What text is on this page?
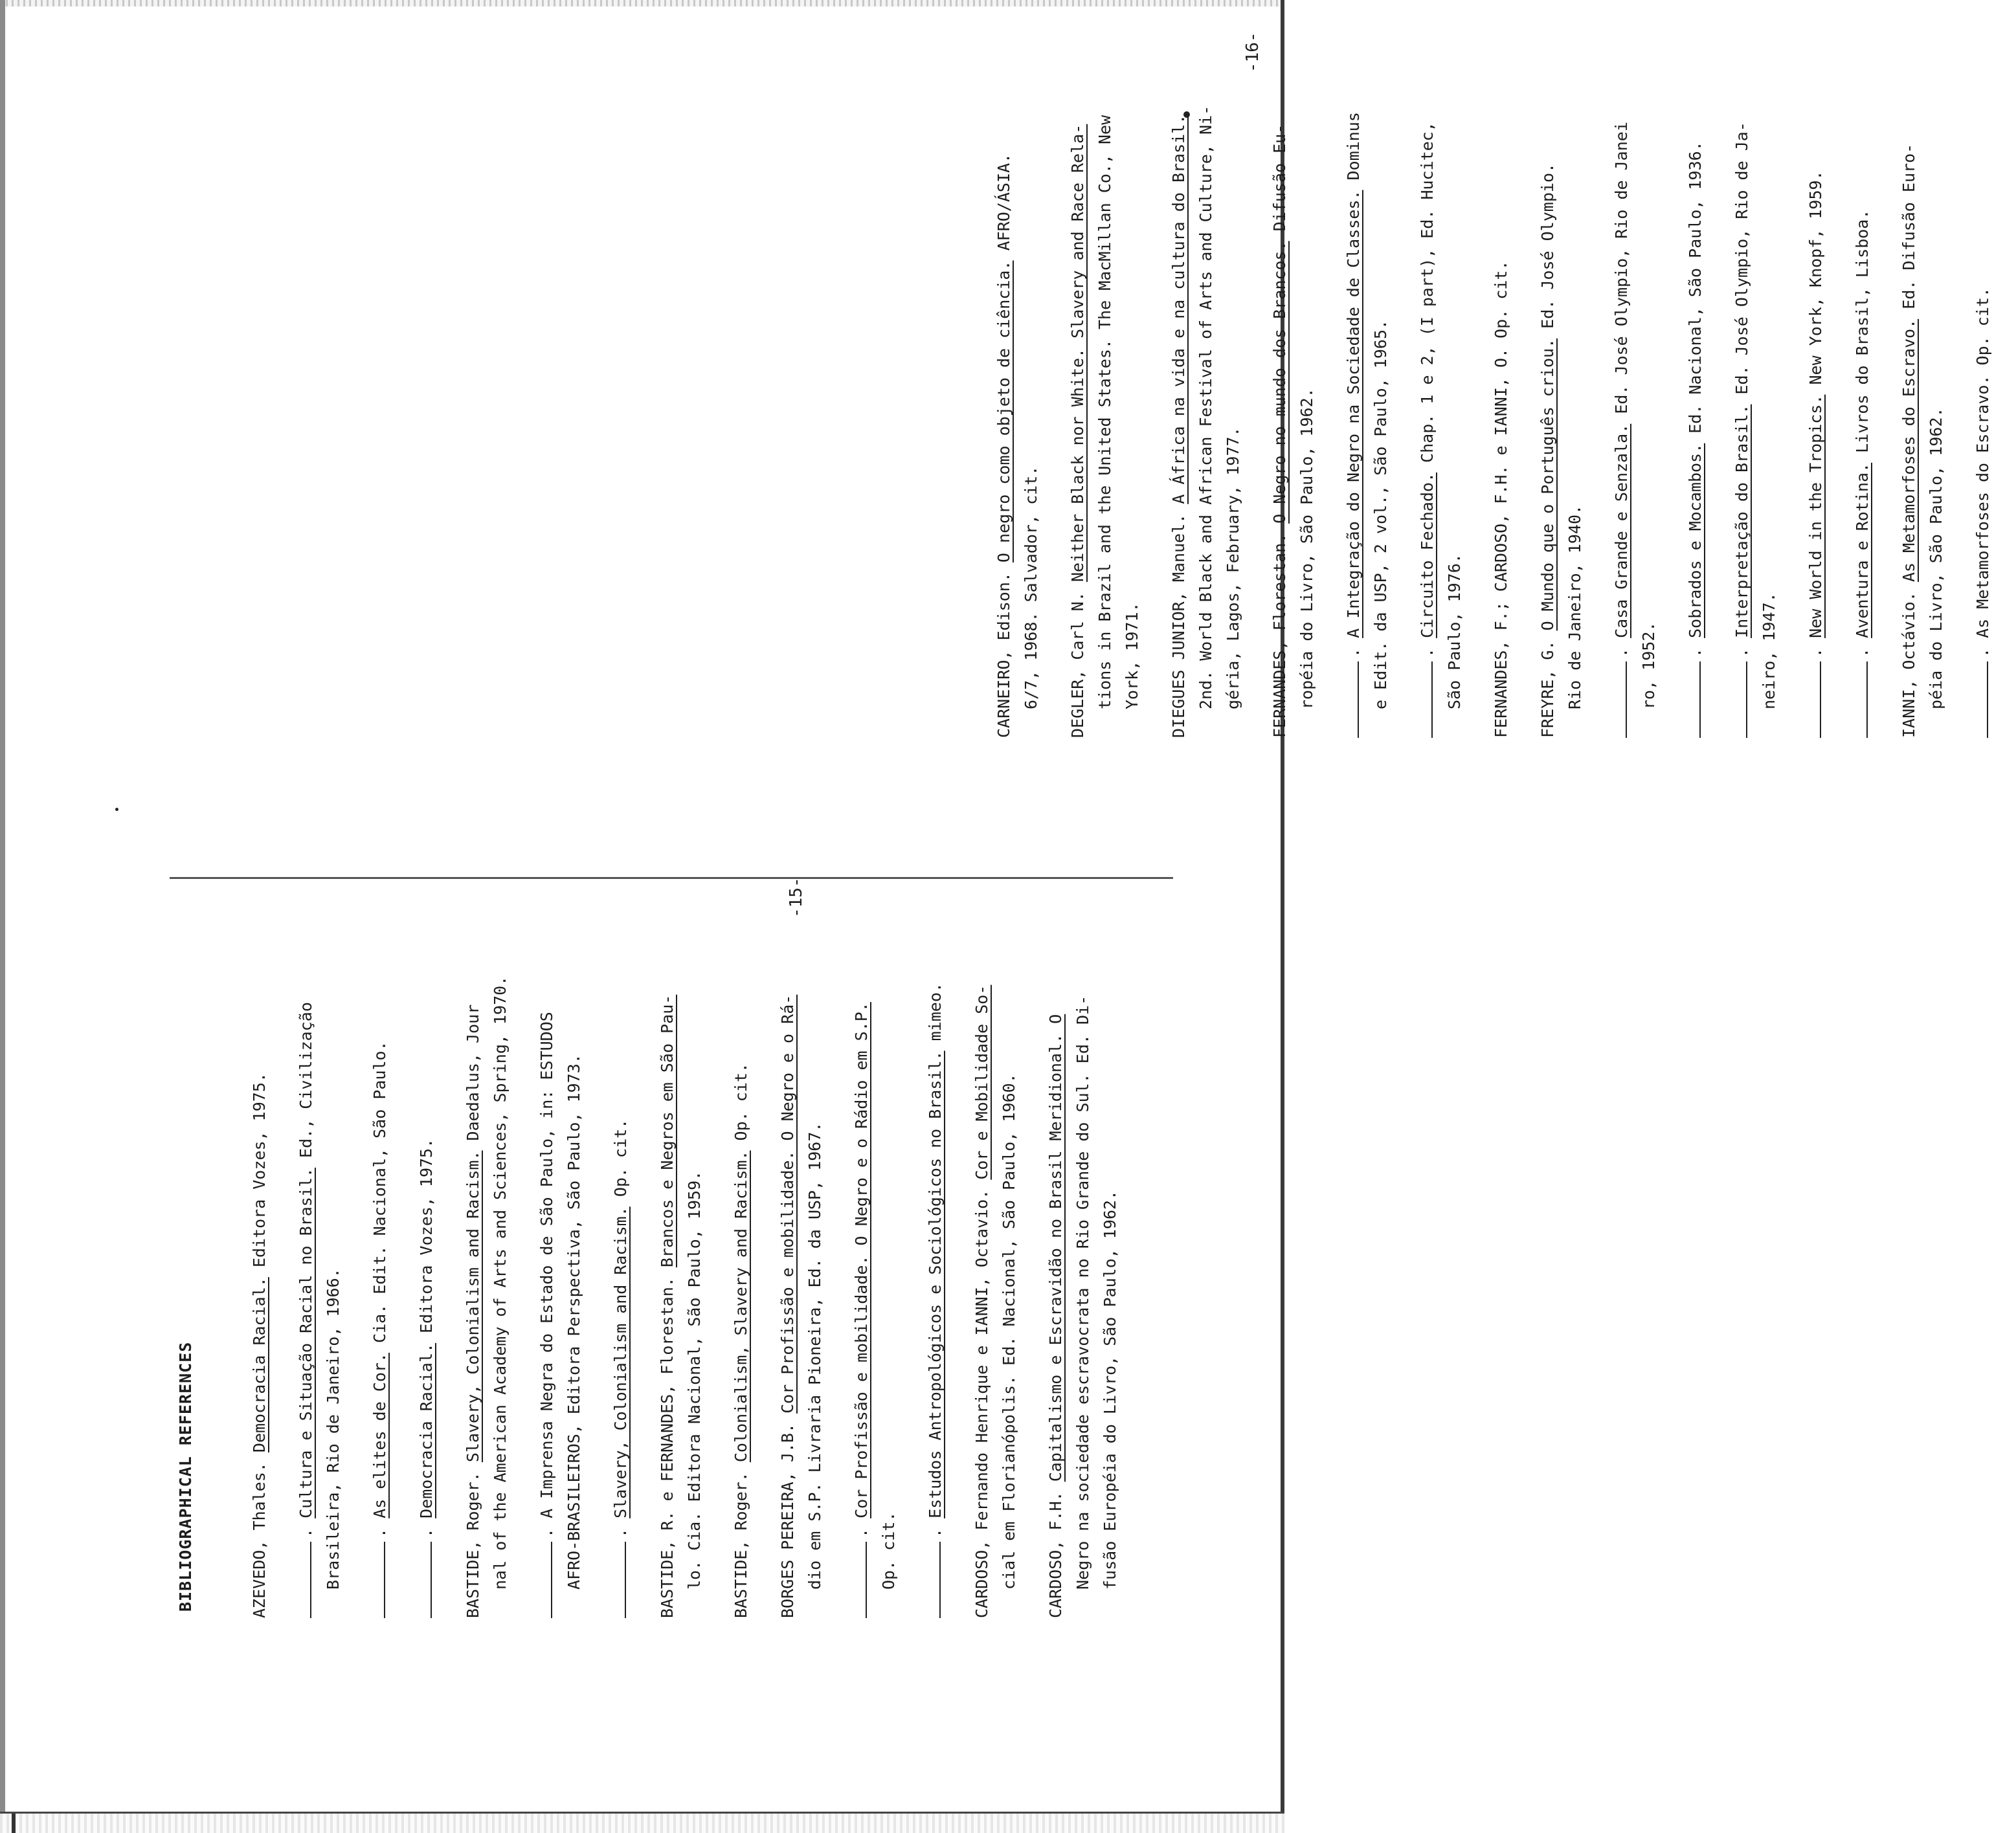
-15-
-16-
BIBLIOGRAPHICAL REFERENCES	AZEVEDO, Thales. Democracia Racial. Editora Vozes, 1975.
. Cultura e Situação Racial no Brasil. Ed., Civilização
Brasileira, Rio de Janeiro, 1966. . As elites de Cor. Cia. Edit. Nacional, São Paulo.
. Democracia Racial. Editora Vozes, 1975.
BASTIDE, Roger. Slavery, Colonialism and Racism. Daedalus, Jour nal of the American Academy of Arts and Sciences, Spring, 1970. . A Imprensa Negra do Estado de São Paulo, in: ESTUDOS AFRO-BRASILEIROS, Editora Perspectiva, São Paulo, 1973. . Slavery, Colonialism and Racism. Op. cit.
BASTIDE, R. e FERNANDES, Florestan. Brancos e Negros em São Pau-
lo. Cia. Editora Nacional, São Paulo, 1959. BASTIDE, Roger. Colonialism, Slavery and Racism. Op. cit.
BORGES PEREIRA, J.B. Cor Profissão e mobilidade. O Negro e o Rá- dio em S.P. Livraria Pioneira, Ed. da USP, 1967. . Cor Profissão e mobilidade. O Negro e o Rádio em S.P.
Op. cit. . Estudos Antropológicos e Sociológicos no Brasil. mimeo.
CARDOSO, Fernando Henrique e IANNI, Octavio. Cor e Mobilidade So- cial em Florianópolis. Ed. Nacional, São Paulo, 1960. CARDOSO, F.H. Capitalismo e Escravidão no Brasil Meridional. O Negro na sociedade escravocrata no Rio Grande do Sul. Ed. Di- fusão Européia do Livro, São Paulo, 1962.
CARNEIRO, Edison. O negro como objeto de ciência. AFRO/ÁSIA.
6/7, 1968. Salvador, cit. DEGLER, Carl N. Neither Black nor White. Slavery and Race Rela- tions in Brazil and the United States. The MacMillan Co., New York, 1971. DIEGUES JUNIOR, Manuel. A África na vida e na cultura do Brasil. 2nd. World Black and African Festival of Arts and Culture, Ni- géria, Lagos, February, 1977. FERNANDES, Florestan. O Negro no mundo dos Brancos. Difusão Eu-
ropéia do Livro, São Paulo, 1962. . A Integração do Negro na Sociedade de Classes. Dominus
e Edit. da USP, 2 vol., São Paulo, 1965. . Circuito Fechado. Chap. 1 e 2, (I part), Ed. Hucitec,
São Paulo, 1976. FERNANDES, F.; CARDOSO, F.H. e IANNI, O. Op. cit.
FREYRE, G. O Mundo que o Português criou. Ed. José Olympio.
Rio de Janeiro, 1940. . Casa Grande e Senzala. Ed. José Olympio, Rio de Janei
ro, 1952. . Sobrados e Mocambos. Ed. Nacional, São Paulo, 1936.
. Interpretação do Brasil. Ed. José Olympio, Rio de Ja-
neiro, 1947. . New World in the Tropics. New York, Knopf, 1959.
. Aventura e Rotina. Livros do Brasil, Lisboa.
IANNI, Octávio. As Metamorfoses do Escravo. Ed. Difusão Euro-
péia do Livro, São Paulo, 1962. . As Metamorfoses do Escravo. Op. cit.
